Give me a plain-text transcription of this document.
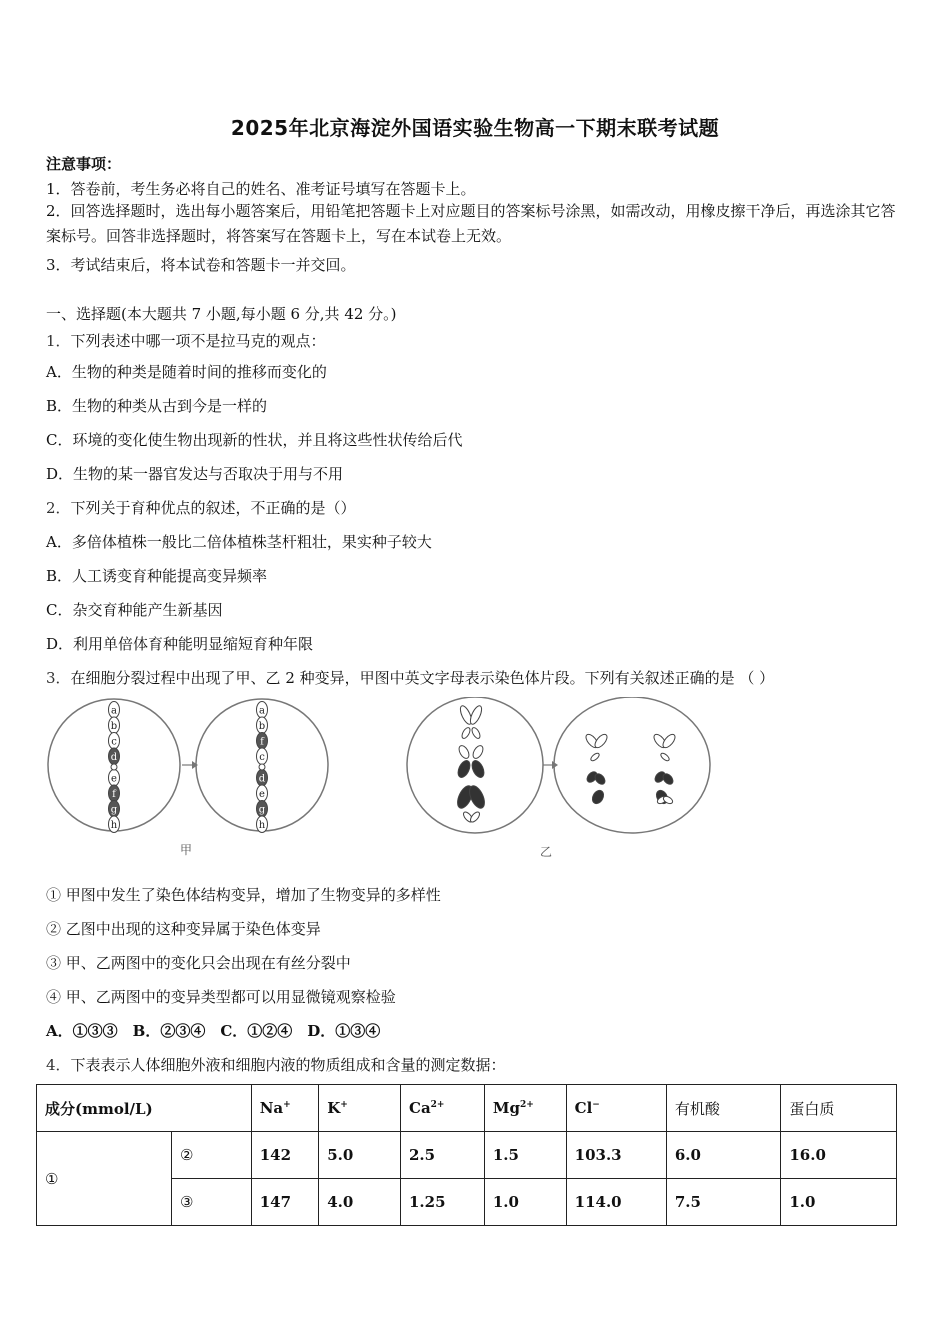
2025年北京海淀外国语实验生物高一下期末联考试题
注意事项：
1．答卷前，考生务必将自己的姓名、准考证号填写在答题卡上。
2．回答选择题时，选出每小题答案后，用铅笔把答题卡上对应题目的答案标号涂黑，如需改动，用橡皮擦干净后，再选涂其它答案标号。回答非选择题时，将答案写在答题卡上，写在本试卷上无效。
3．考试结束后，将本试卷和答题卡一并交回。
一、选择题(本大题共 7 小题,每小题 6 分,共 42 分。)
1．下列表述中哪一项不是拉马克的观点：
A．生物的种类是随着时间的推移而变化的
B．生物的种类从古到今是一样的
C．环境的变化使生物出现新的性状，并且将这些性状传给后代
D．生物的某一器官发达与否取决于用与不用
2．下列关于育种优点的叙述，不正确的是（）
A．多倍体植株一般比二倍体植株茎杆粗壮，果实种子较大
B．人工诱变育种能提高变异频率
C．杂交育种能产生新基因
D．利用单倍体育种能明显缩短育种年限
3．在细胞分裂过程中出现了甲、乙 2 种变异，甲图中英文字母表示染色体片段。下列有关叙述正确的是 （ ）
a
b
c
d
e
f
g
h
a
b
f
c
d
e
g
h
甲	乙
① 甲图中发生了染色体结构变异，增加了生物变异的多样性
② 乙图中出现的这种变异属于染色体变异
③ 甲、乙两图中的变化只会出现在有丝分裂中
④ 甲、乙两图中的变异类型都可以用显微镜观察检验
A．①③③　B．②③④　C．①②④　D．①③④
4．下表表示人体细胞外液和细胞内液的物质组成和含量的测定数据：
成分(mmol/L)		Na+	K+	$Ca^{2+}$	$Mg^{2+}$	Cl−	有机酸	蛋白质
①	②	142	5.0	2.5	1.5	103.3	6.0	16.0
	③	147	4.0	1.25	1.0	114.0	7.5	1.0
